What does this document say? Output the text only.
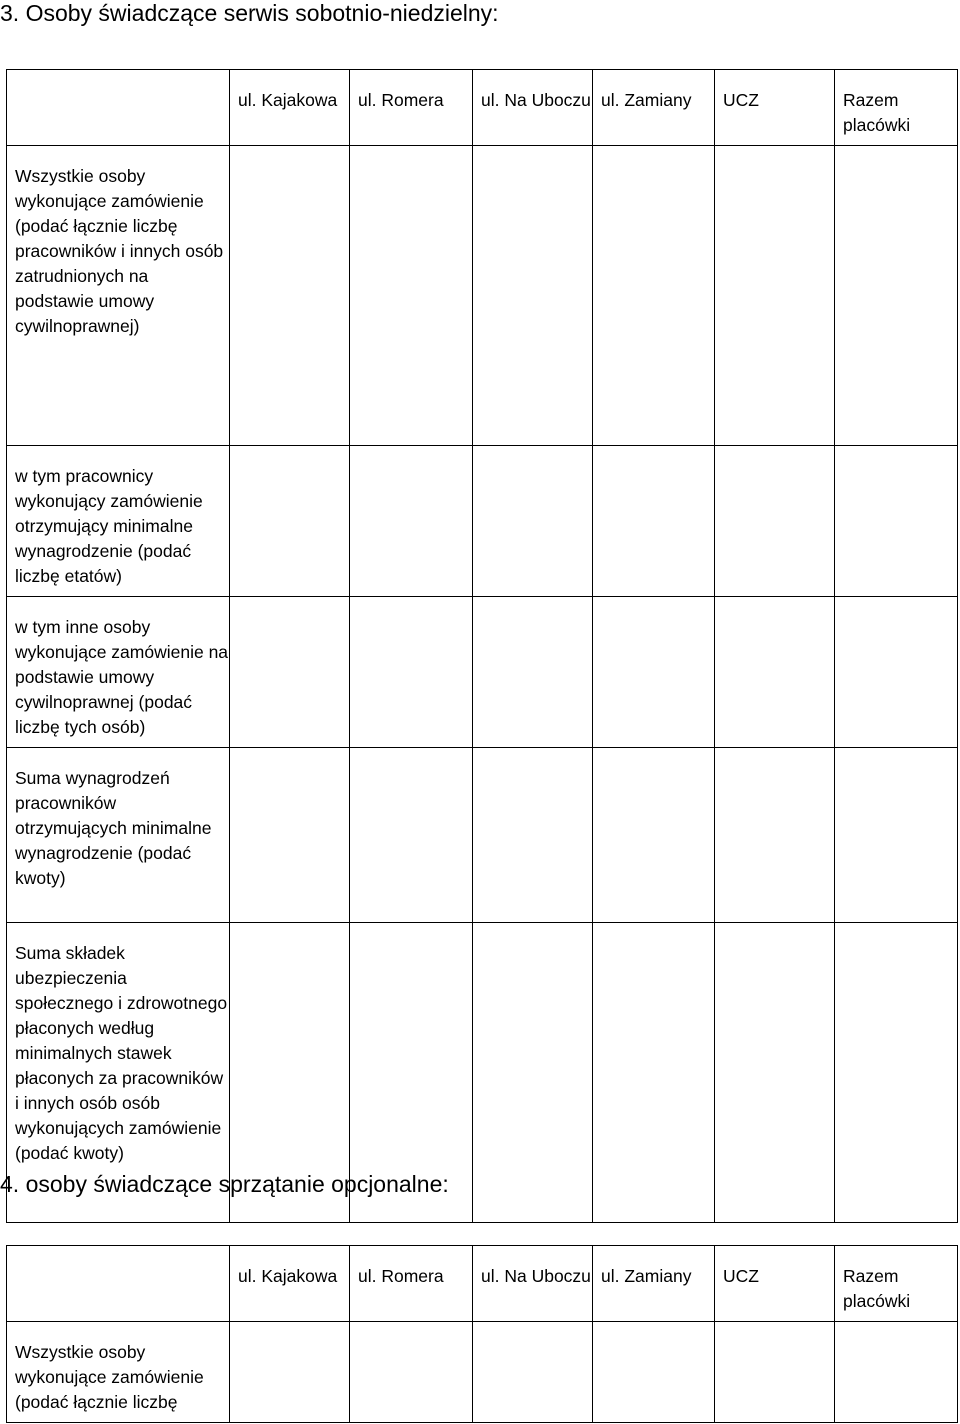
3. Osoby świadczące serwis sobotnio-niedzielny:
	ul. Kajakowa	ul. Romera	ul. Na Uboczu	ul. Zamiany	UCZ	Razem placówki
Wszystkie osoby wykonujące zamówienie (podać łącznie liczbę pracowników i innych osób zatrudnionych na podstawie umowy cywilnoprawnej)						
w tym pracownicy wykonujący zamówienie otrzymujący minimalne wynagrodzenie (podać liczbę etatów)						
w tym inne osoby wykonujące zamówienie na podstawie umowy cywilnoprawnej (podać liczbę tych osób)						
Suma wynagrodzeń pracowników otrzymujących minimalne wynagrodzenie (podać kwoty)						
Suma składek ubezpieczenia społecznego i zdrowotnego płaconych według minimalnych stawek płaconych za pracowników i innych osób osób wykonujących zamówienie (podać kwoty)						
4. osoby świadczące sprzątanie opcjonalne:
	ul. Kajakowa	ul. Romera	ul. Na Uboczu	ul. Zamiany	UCZ	Razem placówki
Wszystkie osoby wykonujące zamówienie (podać łącznie liczbę						
